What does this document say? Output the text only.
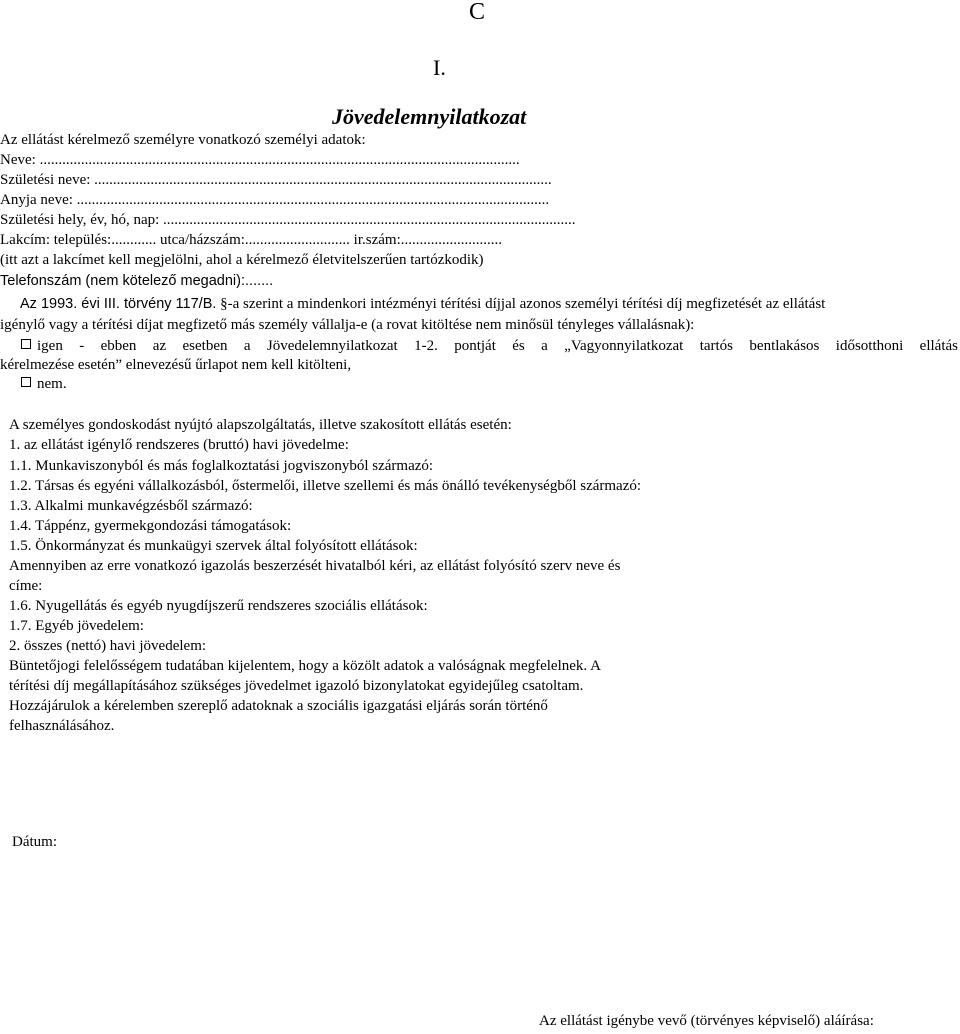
C
I.
Jövedelemnyilatkozat
Az ellátást kérelmező személyre vonatkozó személyi adatok:
Neve: ................................................................................................................................
Születési neve: ..........................................................................................................................
Anyja neve: ..............................................................................................................................
Születési hely, év, hó, nap: ..............................................................................................................
Lakcím: település:............ utca/házszám:............................ ir.szám:...........................
(itt azt a lakcímet kell megjelölni, ahol a kérelmező életvitelszerűen tartózkodik)
Telefonszám (nem kötelező megadni):.......
Az 1993. évi III. törvény 117/B. §-a szerint a mindenkori intézményi térítési díjjal azonos személyi térítési díj megfizetését az ellátást
igénylő vagy a térítési díjat megfizető más személy vállalja-e (a rovat kitöltése nem minősül tényleges vállalásnak):
igen - ebben az esetben a Jövedelemnyilatkozat 1-2. pontját és a „Vagyonnyilatkozat tartós bentlakásos idősotthoni ellátás
kérelmezése esetén” elnevezésű űrlapot nem kell kitölteni,
nem.
A személyes gondoskodást nyújtó alapszolgáltatás, illetve szakosított ellátás esetén:
1. az ellátást igénylő rendszeres (bruttó) havi jövedelme:
1.1. Munkaviszonyból és más foglalkoztatási jogviszonyból származó:
1.2. Társas és egyéni vállalkozásból, őstermelői, illetve szellemi és más önálló tevékenységből származó:
1.3. Alkalmi munkavégzésből származó:
1.4. Táppénz, gyermekgondozási támogatások:
1.5. Önkormányzat és munkaügyi szervek által folyósított ellátások:
Amennyiben az erre vonatkozó igazolás beszerzését hivatalból kéri, az ellátást folyósító szerv neve és
címe:
1.6. Nyugellátás és egyéb nyugdíjszerű rendszeres szociális ellátások:
1.7. Egyéb jövedelem:
2. összes (nettó) havi jövedelem:
Büntetőjogi felelősségem tudatában kijelentem, hogy a közölt adatok a valóságnak megfelelnek. A
térítési díj megállapításához szükséges jövedelmet igazoló bizonylatokat egyidejűleg csatoltam.
Hozzájárulok a kérelemben szereplő adatoknak a szociális igazgatási eljárás során történő
felhasználásához.
Dátum:
Az ellátást igénybe vevő (törvényes képviselő) aláírása:
